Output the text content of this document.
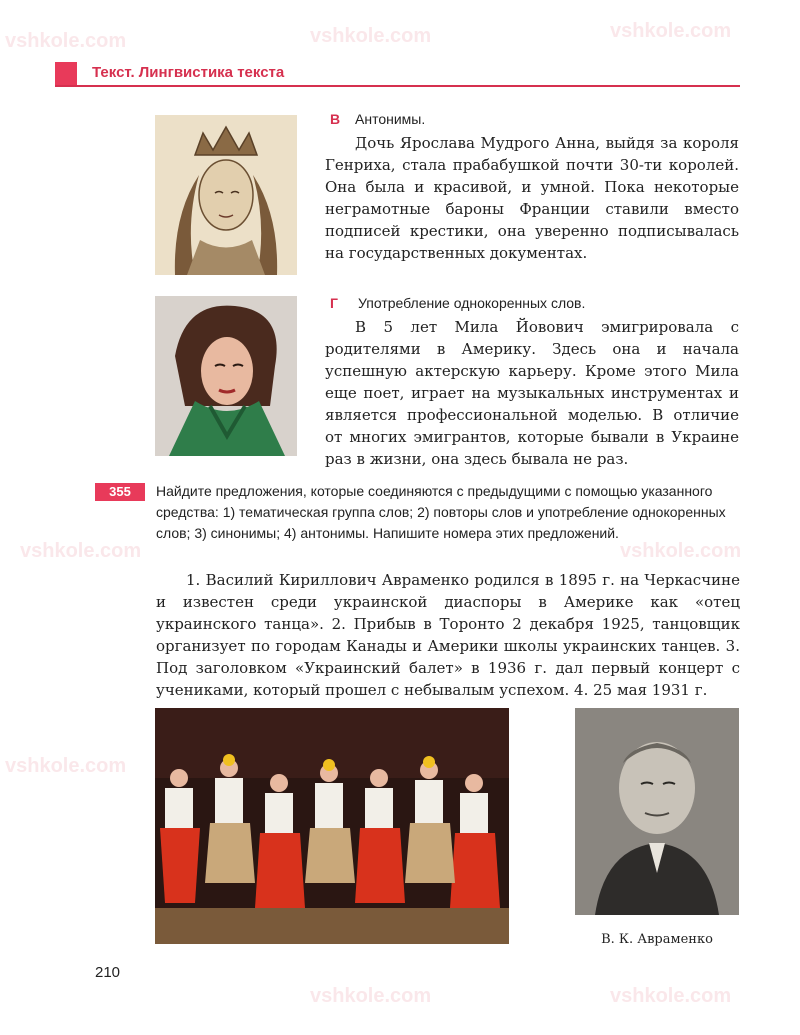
vshkole.com	vshkole.com	vshkole.com
vshkole.com	vshkole.com
vshkole.com
vshkole.com	vshkole.com
Текст. Лингвистика текста
В Антонимы.
Дочь Ярослава Мудрого Анна, выйдя за короля Генриха, стала прабабушкой почти 30-ти королей. Она была и красивой, и умной. Пока некоторые неграмотные бароны Франции ставили вместо подписей крестики, она уверенно подписывалась на государственных документах.
Г Употребление однокоренных слов.
В 5 лет Мила Йовович эмигрировала с родителями в Америку. Здесь она и начала успешную актерскую карьеру. Кроме этого Мила еще поет, играет на музыкальных инструментах и является профессиональной моделью. В отличие от многих эмигрантов, которые бывали в Украине раз в жизни, она здесь бывала не раз.
355	Найдите предложения, которые соединяются с предыдущими с помощью указанного средства: 1) тематическая группа слов; 2) повторы слов и употребление однокоренных слов; 3) синонимы; 4) антонимы. Напишите номера этих предложений.
1. Василий Кириллович Авраменко родился в 1895 г. на Черкасчине и известен среди украинской диаспоры в Америке как «отец украинского танца». 2. Прибыв в Торонто 2 декабря 1925, танцовщик организует по городам Канады и Америки школы украинских танцев. 3. Под заголовком «Украинский балет» в 1936 г. дал первый концерт с учениками, который прошел с небывалым успехом. 4. 25 мая 1931 г.
В. К. Авраменко
210
